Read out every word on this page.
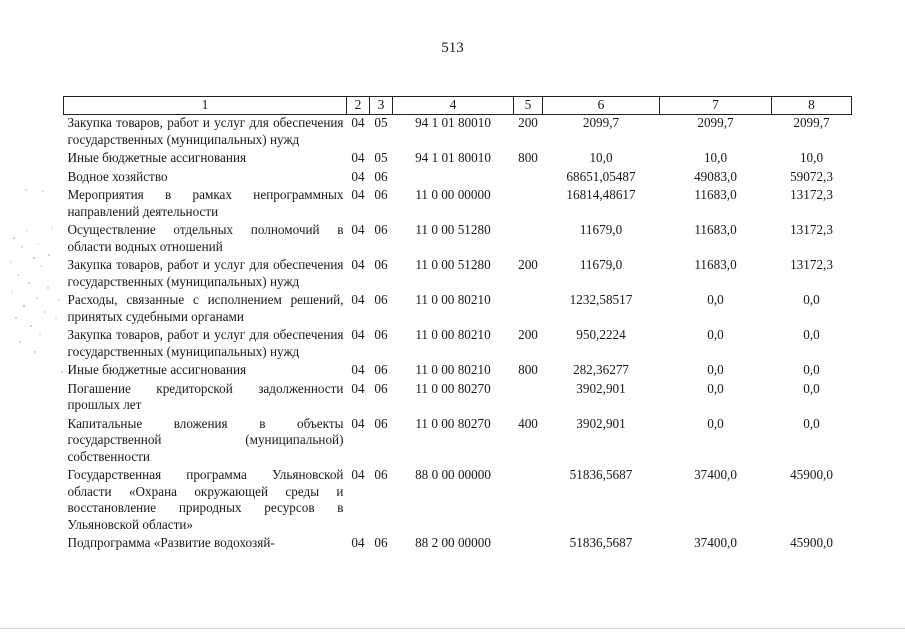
513
1	2	3	4	5	6	7	8
Закупка товаров, работ и услуг для обеспечения государственных (муниципальных) нужд	04	05	94 1 01 80010	200	2099,7	2099,7	2099,7
Иные бюджетные ассигнования	04	05	94 1 01 80010	800	10,0	10,0	10,0
Водное хозяйство	04	06			68651,05487	49083,0	59072,3
Мероприятия в рамках непрограммных направлений деятельности	04	06	11 0 00 00000		16814,48617	11683,0	13172,3
Осуществление отдельных полномочий в области водных отношений	04	06	11 0 00 51280		11679,0	11683,0	13172,3
Закупка товаров, работ и услуг для обеспечения государственных (муниципальных) нужд	04	06	11 0 00 51280	200	11679,0	11683,0	13172,3
Расходы, связанные с исполнением решений, принятых судебными органами	04	06	11 0 00 80210		1232,58517	0,0	0,0
Закупка товаров, работ и услуг для обеспечения государственных (муниципальных) нужд	04	06	11 0 00 80210	200	950,2224	0,0	0,0
Иные бюджетные ассигнования	04	06	11 0 00 80210	800	282,36277	0,0	0,0
Погашение кредиторской задолженности прошлых лет	04	06	11 0 00 80270		3902,901	0,0	0,0
Капитальные вложения в объекты государственной (муниципальной) собственности	04	06	11 0 00 80270	400	3902,901	0,0	0,0
Государственная программа Ульяновской области «Охрана окружающей среды и восстановление природных ресурсов в Ульяновской области»	04	06	88 0 00 00000		51836,5687	37400,0	45900,0
Подпрограмма «Развитие водохозяй-	04	06	88 2 00 00000		51836,5687	37400,0	45900,0
